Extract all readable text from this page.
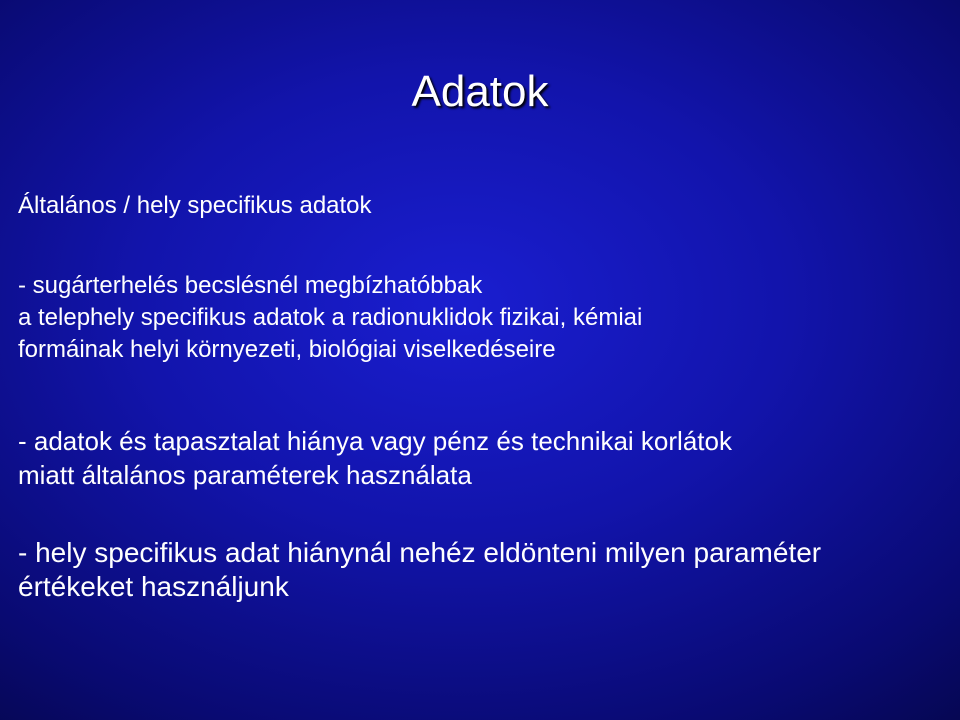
Adatok
Általános / hely specifikus adatok
- sugárterhelés becslésnél megbízhatóbbak
a telephely specifikus adatok a radionuklidok fizikai, kémiai
formáinak helyi környezeti, biológiai viselkedéseire
- adatok és tapasztalat hiánya vagy pénz és technikai korlátok
miatt általános paraméterek használata
- hely specifikus adat hiánynál nehéz eldönteni milyen paraméter
értékeket használjunk
